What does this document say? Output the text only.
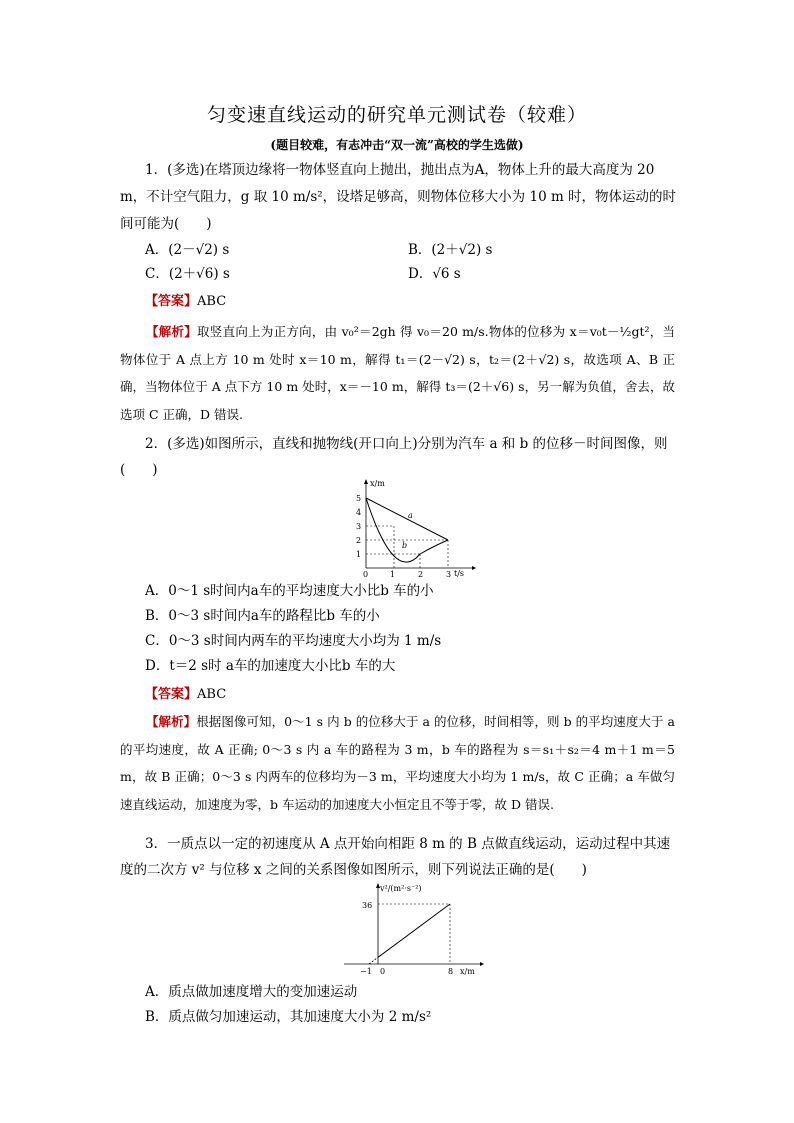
匀变速直线运动的研究单元测试卷（较难）
(题目较难，有志冲击“双一流”高校的学生选做)
1．(多选)在塔顶边缘将一物体竖直向上抛出，抛出点为A，物体上升的最大高度为 20
m，不计空气阻力，g 取 10 m/s²，设塔足够高，则物体位移大小为 10 m 时，物体运动的时
间可能为(　　)
A．(2－√2) s	B．(2＋√2) s
C．(2＋√6) s	D．√6 s
【答案】ABC

【解析】取竖直向上为正方向，由 v₀²＝2gh 得 v₀＝20 m/s.物体的位移为 x＝v₀t－½gt²，当物体位于 A 点上方 10 m 处时 x＝10 m，解得 t₁＝(2－√2) s，t₂＝(2＋√2) s，故选项 A、B 正确，当物体位于 A 点下方 10 m 处时，x＝－10 m，解得 t₃＝(2＋√6) s，另一解为负值，舍去，故选项 C 正确，D 错误.

2．(多选)如图所示，直线和抛物线(开口向上)分别为汽车 a 和 b 的位移－时间图像，则
(　　)
x/m
t/s
1
2
3
4
5
0	1	2	3
a
b
A．0～1 s时间内a车的平均速度大小比b 车的小
B．0～3 s时间内a车的路程比b 车的小
C．0～3 s时间内两车的平均速度大小均为 1 m/s
D．t＝2 s时 a车的加速度大小比b 车的大
【答案】ABC

【解析】根据图像可知，0～1 s 内 b 的位移大于 a 的位移，时间相等，则 b 的平均速度大于 a 的平均速度，故 A 正确; 0～3 s 内 a 车的路程为 3 m，b 车的路程为 s＝s₁＋s₂＝4 m＋1 m＝5 m，故 B 正确；0～3 s 内两车的位移均为－3 m，平均速度大小均为 1 m/s，故 C 正确；a 车做匀速直线运动，加速度为零，b 车运动的加速度大小恒定且不等于零，故 D 错误.

3．一质点以一定的初速度从 A 点开始向相距 8 m 的 B 点做直线运动，运动过程中其速
度的二次方 v² 与位移 x 之间的关系图像如图所示，则下列说法正确的是(　　)
v²/(m²·s⁻²)
x/m
36
−1 0	8
A．质点做加速度增大的变加速运动
B．质点做匀加速运动，其加速度大小为 2 m/s²
